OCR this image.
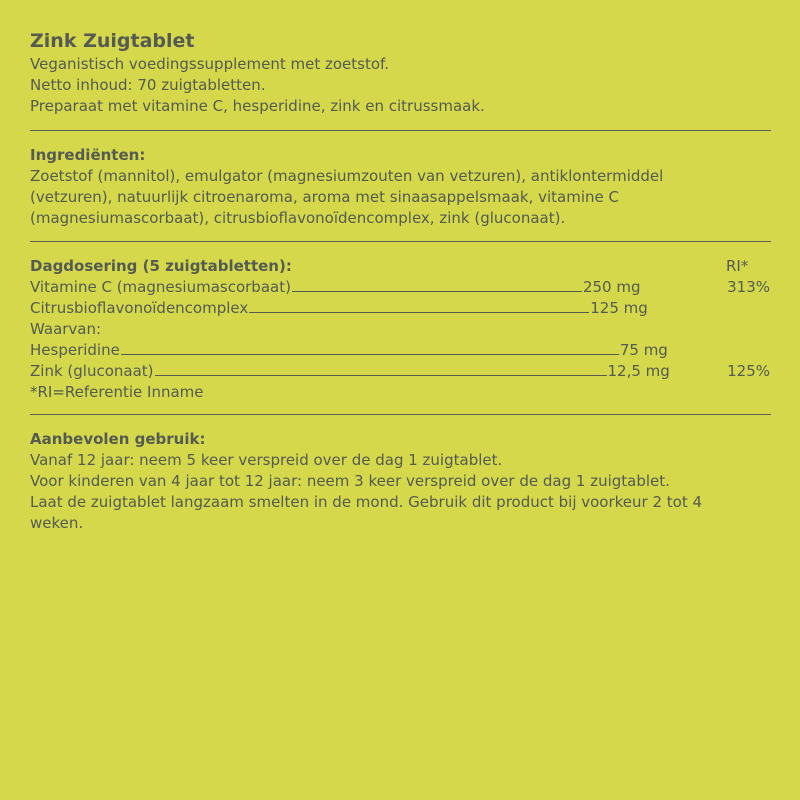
Zink Zuigtablet

Veganistisch voedingssupplement met zoetstof.

Netto inhoud: 70 zuigtabletten.

Preparaat met vitamine C, hesperidine, zink en citrussmaak.

Ingrediënten:

Zoetstof (mannitol), emulgator (magnesiumzouten van vetzuren), antiklontermiddel

(vetzuren), natuurlijk citroenaroma, aroma met sinaasappelsmaak, vitamine C

(magnesiumascorbaat), citrusbioflavonoïdencomplex, zink (gluconaat).

Dagdosering (5 zuigtabletten):	RI*
Vitamine C (magnesiumascorbaat)	250 mg	313%
Citrusbioflavonoïdencomplex	125 mg
Waarvan:
Hesperidine	75 mg
Zink (gluconaat)	12,5 mg	125%

*RI=Referentie Inname

Aanbevolen gebruik:

Vanaf 12 jaar: neem 5 keer verspreid over de dag 1 zuigtablet.

Voor kinderen van 4 jaar tot 12 jaar: neem 3 keer verspreid over de dag 1 zuigtablet.

Laat de zuigtablet langzaam smelten in de mond. Gebruik dit product bij voorkeur 2 tot 4

weken.
